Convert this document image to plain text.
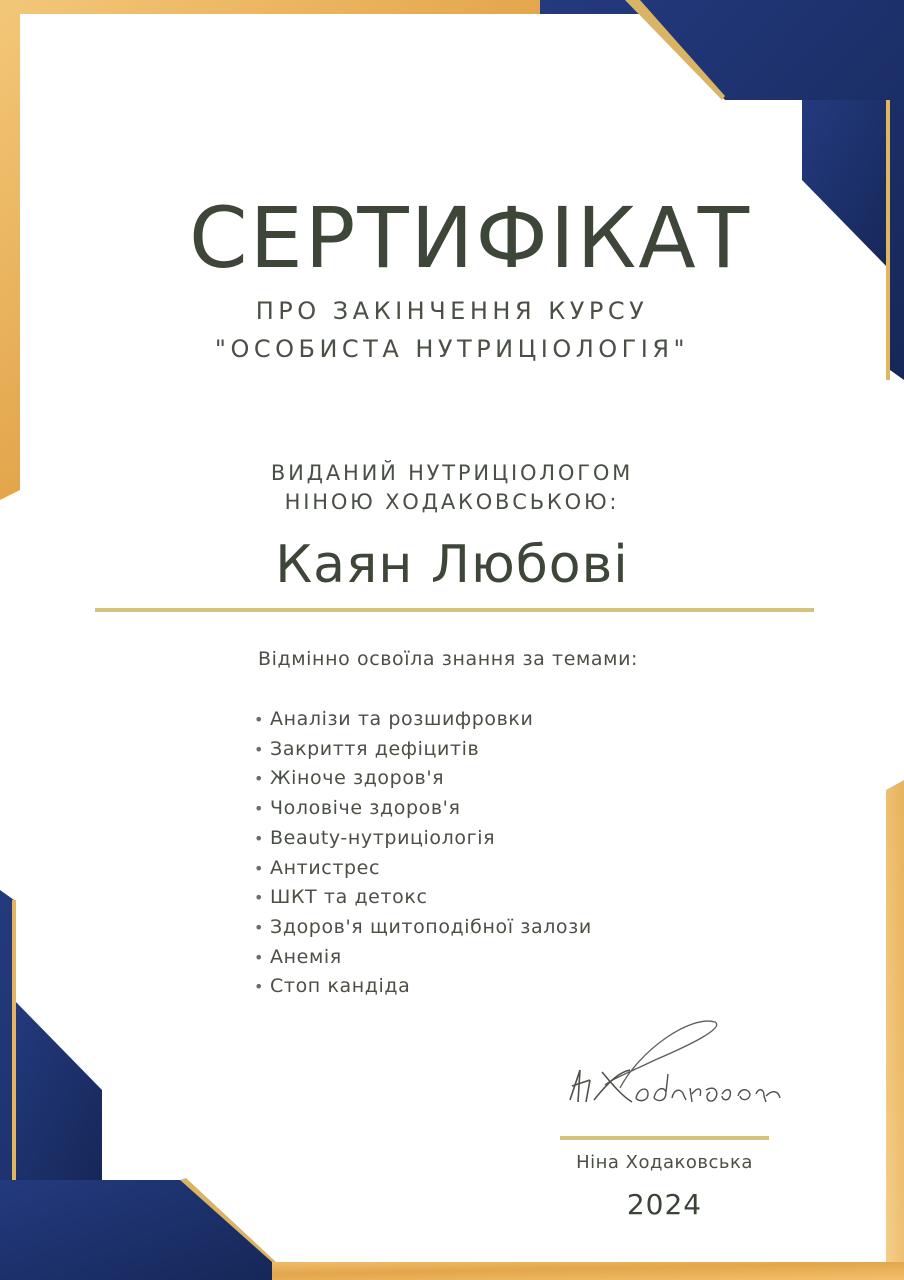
СЕРТИФІКАТ
ПРО ЗАКІНЧЕННЯ КУРСУ
"ОСОБИСТА НУТРИЦІОЛОГІЯ"
ВИДАНИЙ НУТРИЦІОЛОГОМ
НІНОЮ ХОДАКОВСЬКОЮ:
Каян Любові
Відмінно освоїла знання за темами:
• Аналізи та розшифровки
• Закриття дефіцитів
• Жіноче здоров'я
• Чоловіче здоров'я
• Beauty-нутриціологія
• Антистрес
• ШКТ та детокс
• Здоров'я щитоподібної залози
• Анемія
• Стоп кандіда
Ніна Ходаковська
2024
